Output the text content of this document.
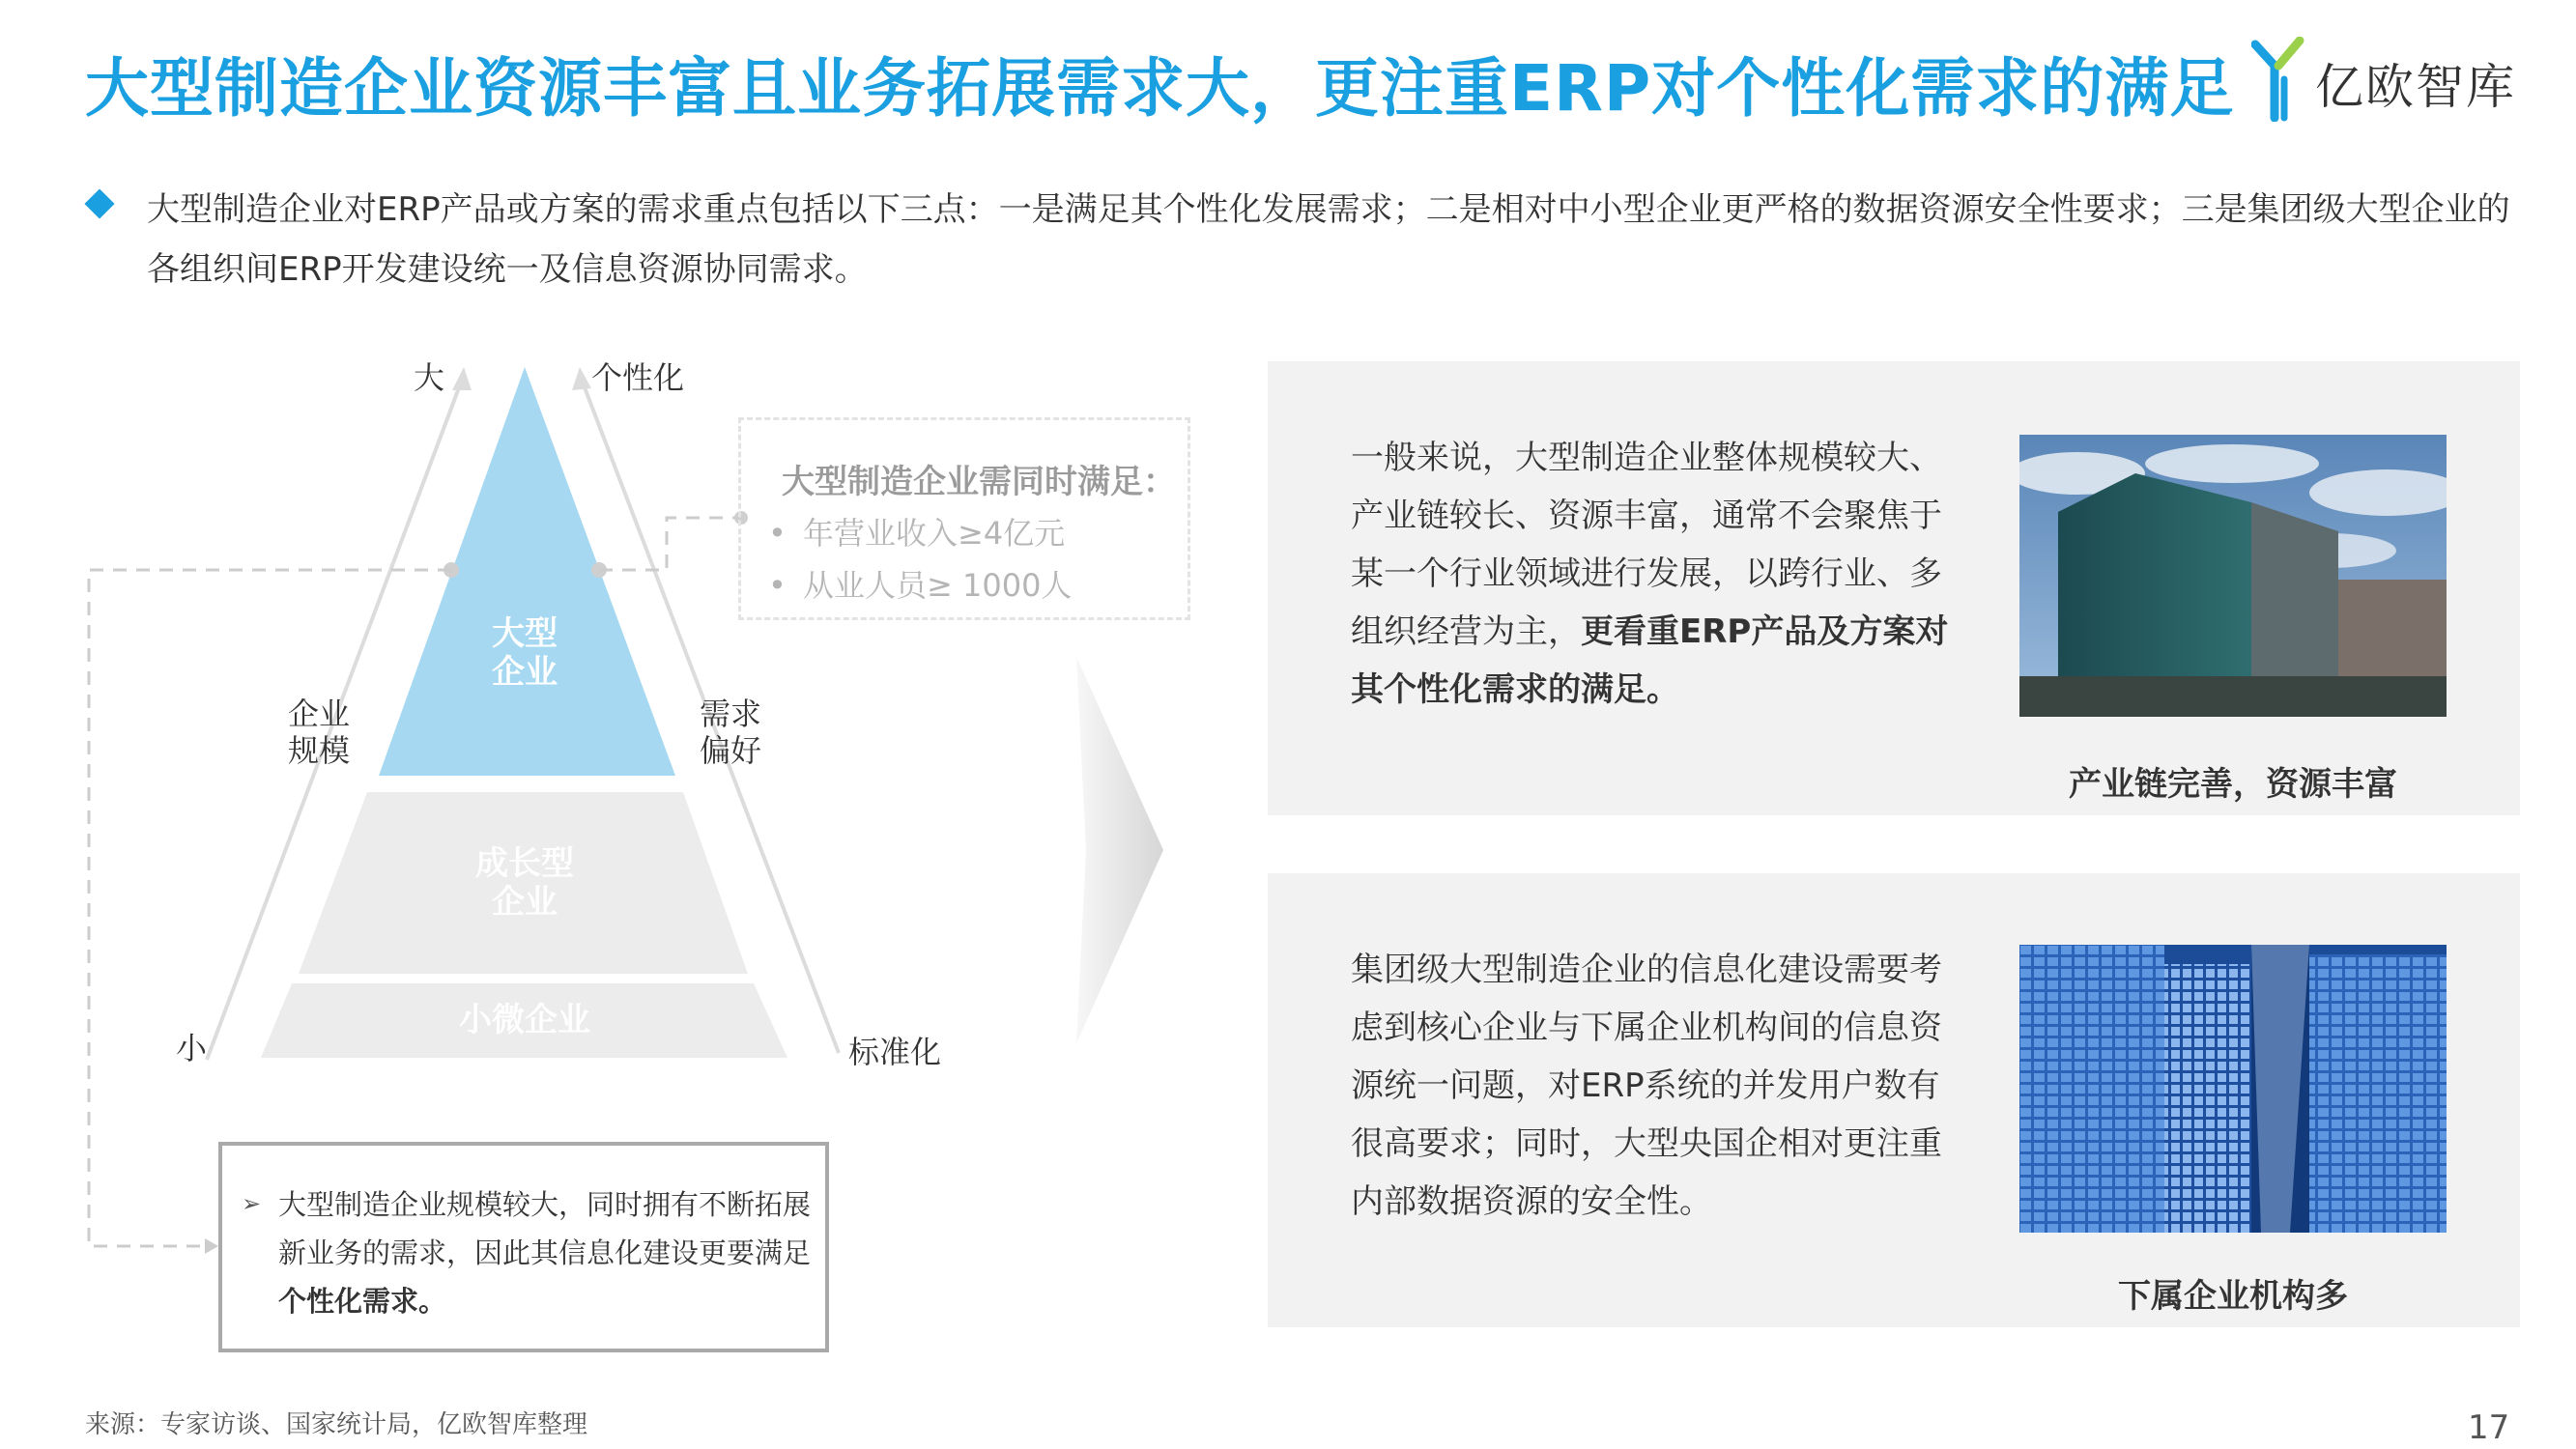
大型制造企业资源丰富且业务拓展需求大，更注重ERP对个性化需求的满足 亿欧智库
大型制造企业对ERP产品或方案的需求重点包括以下三点：一是满足其个性化发展需求；二是相对中小型企业更严格的数据资源安全性要求；三是集团级大型企业的各组织间ERP开发建设统一及信息资源协同需求。
大	个性化
小	标准化
企业
规模
需求
偏好
大型
企业
成长型
企业
小微企业
大型制造企业需同时满足：
• 年营业收入≥4亿元
• 从业人员≥ 1000人
➢ 大型制造企业规模较大，同时拥有不断拓展新业务的需求，因此其信息化建设更要满足个性化需求。
一般来说，大型制造企业整体规模较大、产业链较长、资源丰富，通常不会聚焦于某一个行业领域进行发展，以跨行业、多组织经营为主，更看重ERP产品及方案对其个性化需求的满足。
产业链完善，资源丰富
集团级大型制造企业的信息化建设需要考虑到核心企业与下属企业机构间的信息资源统一问题，对ERP系统的并发用户数有很高要求；同时，大型央国企相对更注重内部数据资源的安全性。
下属企业机构多
来源：专家访谈、国家统计局，亿欧智库整理	17
